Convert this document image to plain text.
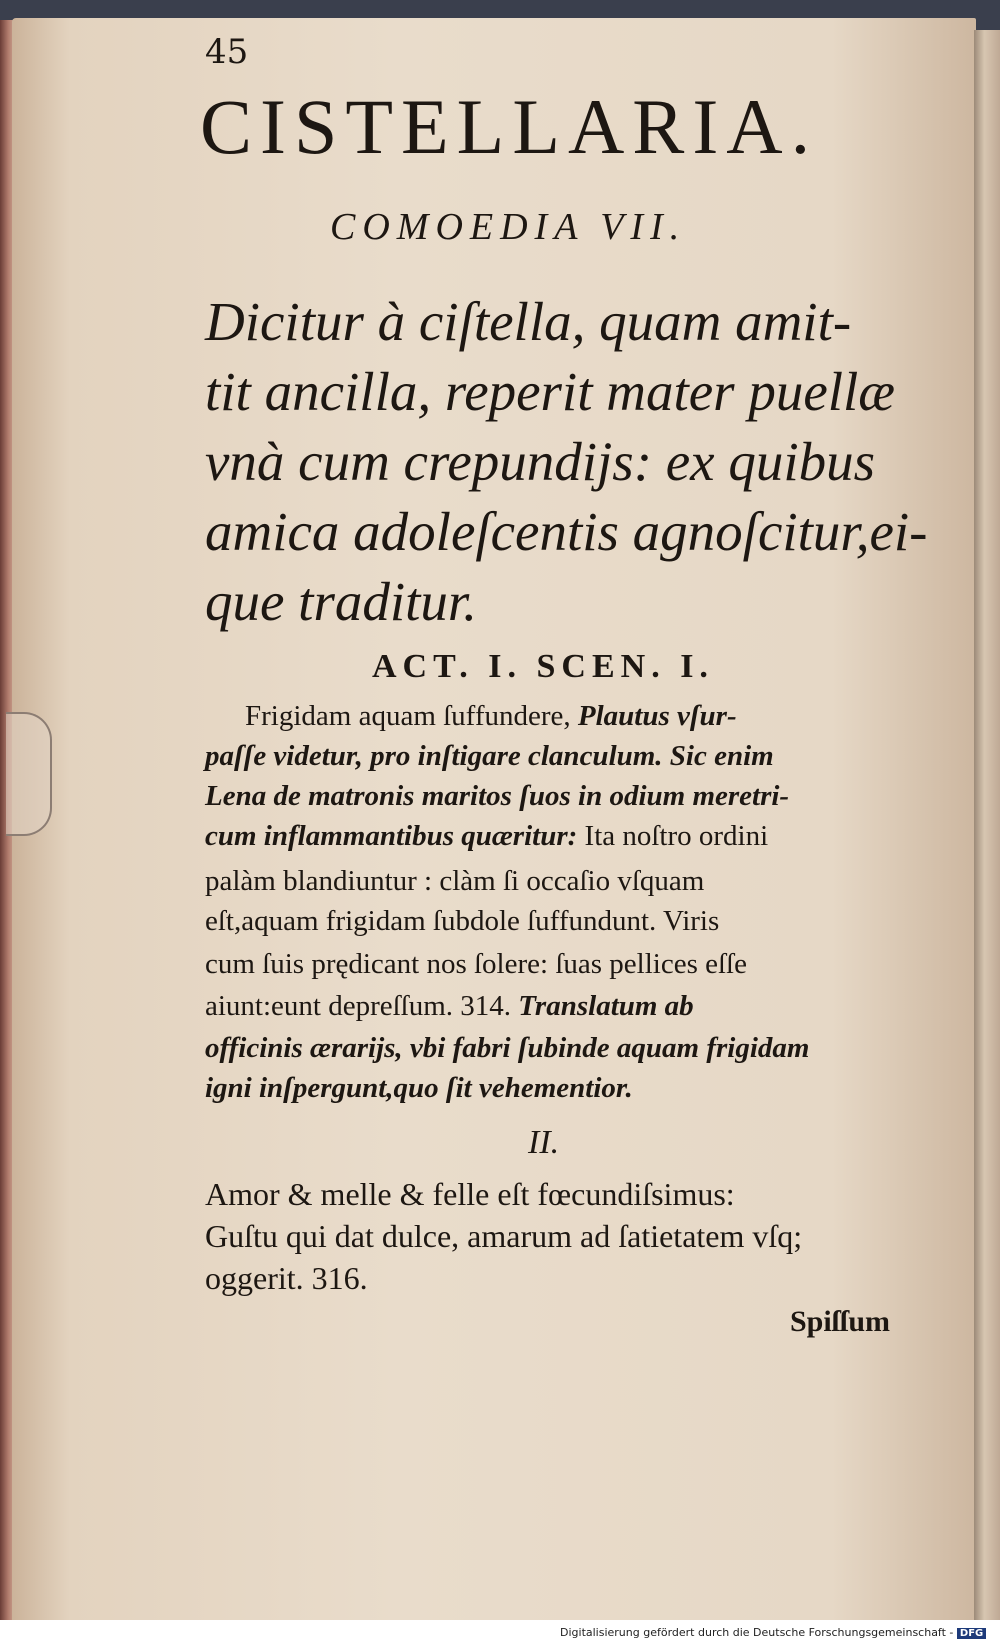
45
CISTELLARIA.
COMOEDIA VII.
Dicitur à ciſtella, quam amit-
tit ancilla, reperit mater puellæ
vnà cum crepundijs: ex quibus
amica adoleſcentis agnoſcitur,ei-
que traditur.
ACT. I. SCEN. I.
Frigidam aquam ſuffundere, Plautus vſur-
paſſe videtur, pro inſtigare clanculum. Sic enim
Lena de matronis maritos ſuos in odium meretri-
cum inflammantibus quæritur: Ita noſtro ordini
palàm blandiuntur : clàm ſi occaſio vſquam
eſt,aquam frigidam ſubdole ſuffundunt. Viris
cum ſuis prędicant nos ſolere: ſuas pellices eſſe
aiunt:eunt depreſſum. 314. Translatum ab
officinis ærarijs, vbi fabri ſubinde aquam frigidam
igni inſpergunt,quo ſit vehementior.
II.
Amor & melle & felle eſt fœcundiſsimus:
Guſtu qui dat dulce, amarum ad ſatietatem vſq;
oggerit. 316.
Spiſſum
Digitalisierung gefördert durch die Deutsche Forschungsgemeinschaft - DFG
